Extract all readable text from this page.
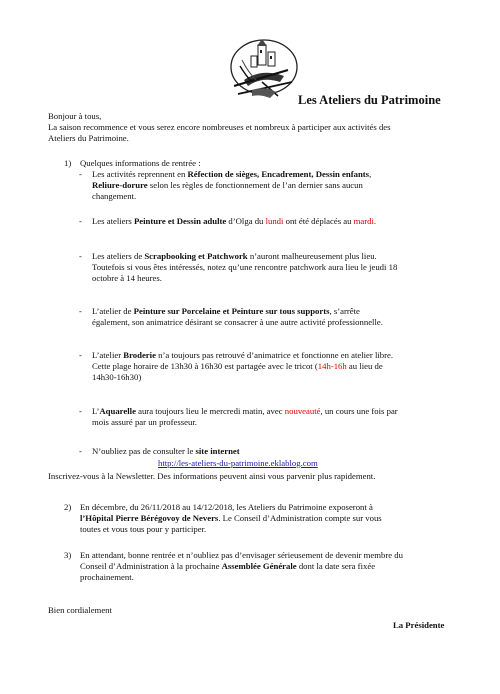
Les Ateliers du Patrimoine
Bonjour à tous,
La saison recommence et vous serez encore nombreuses et nombreux à participer aux activités des
Ateliers du Patrimoine.
1) Quelques informations de rentrée :
- Les activités reprennent en Réfection de sièges, Encadrement, Dessin enfants,
Reliure-dorure selon les règles de fonctionnement de l’an dernier sans aucun
changement.
- Les ateliers Peinture et Dessin adulte d’Olga du lundi ont été déplacés au mardi.
- Les ateliers de Scrapbooking et Patchwork n’auront malheureusement plus lieu.
Toutefois si vous êtes intéressés, notez qu’une rencontre patchwork aura lieu le jeudi 18
octobre à 14 heures.
- L’atelier de Peinture sur Porcelaine et Peinture sur tous supports, s’arrête
également, son animatrice désirant se consacrer à une autre activité professionnelle.
- L’atelier Broderie n’a toujours pas retrouvé d’animatrice et fonctionne en atelier libre.
Cette plage horaire de 13h30 à 16h30 est partagée avec le tricot (14h-16h au lieu de
14h30-16h30)
- L’Aquarelle aura toujours lieu le mercredi matin, avec nouveauté, un cours une fois par
mois assuré par un professeur.
- N’oubliez pas de consulter le site internet
http://les-ateliers-du-patrimoine.eklablog.com
Inscrivez-vous à la Newsletter. Des informations peuvent ainsi vous parvenir plus rapidement.
2) En décembre, du 26/11/2018 au 14/12/2018, les Ateliers du Patrimoine exposeront à
l’Hôpital Pierre Bérégovoy de Nevers. Le Conseil d’Administration compte sur vous
toutes et vous tous pour y participer.
3) En attendant, bonne rentrée et n’oubliez pas d’envisager sérieusement de devenir membre du
Conseil d’Administration à la prochaine Assemblée Générale dont la date sera fixée
prochainement.
Bien cordialement
La Présidente
